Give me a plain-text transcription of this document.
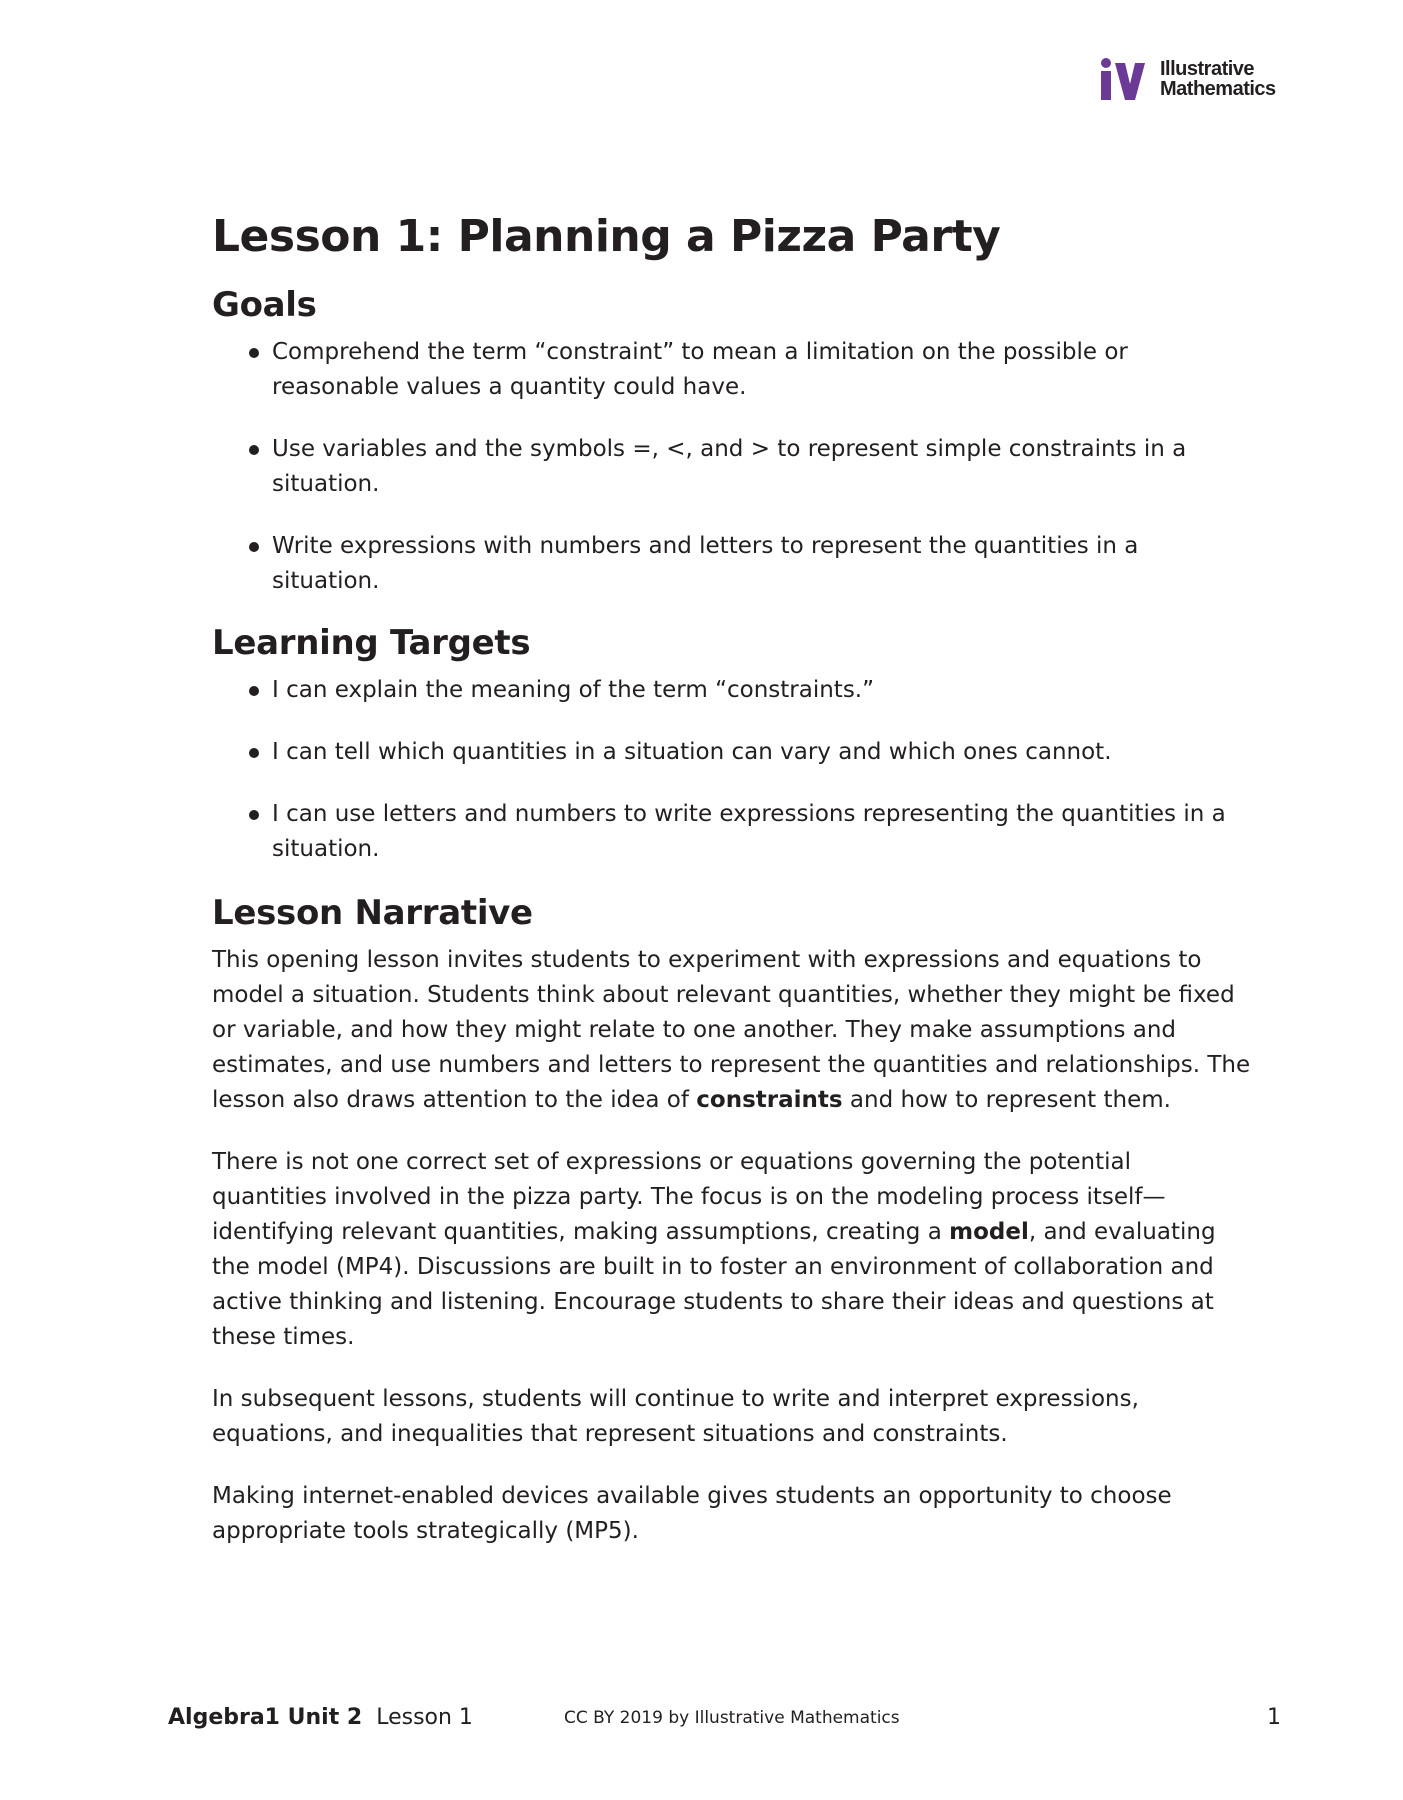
Illustrative
Mathematics
Lesson 1: Planning a Pizza Party
Goals
Comprehend the term “constraint” to mean a limitation on the possible or reasonable values a quantity could have.
Use variables and the symbols =, <, and > to represent simple constraints in a situation.
Write expressions with numbers and letters to represent the quantities in a situation.
Learning Targets
I can explain the meaning of the term “constraints.”
I can tell which quantities in a situation can vary and which ones cannot.
I can use letters and numbers to write expressions representing the quantities in a situation.
Lesson Narrative

This opening lesson invites students to experiment with expressions and equations to model a situation. Students think about relevant quantities, whether they might be fixed or variable, and how they might relate to one another. They make assumptions and estimates, and use numbers and letters to represent the quantities and relationships. The lesson also draws attention to the idea of constraints and how to represent them.

There is not one correct set of expressions or equations governing the potential quantities involved in the pizza party. The focus is on the modeling process itself—identifying relevant quantities, making assumptions, creating a model, and evaluating the model (MP4). Discussions are built in to foster an environment of collaboration and active thinking and listening. Encourage students to share their ideas and questions at these times.

In subsequent lessons, students will continue to write and interpret expressions, equations, and inequalities that represent situations and constraints.

Making internet-enabled devices available gives students an opportunity to choose appropriate tools strategically (MP5).

Algebra1 Unit 2 Lesson 1	CC BY 2019 by Illustrative Mathematics	1
